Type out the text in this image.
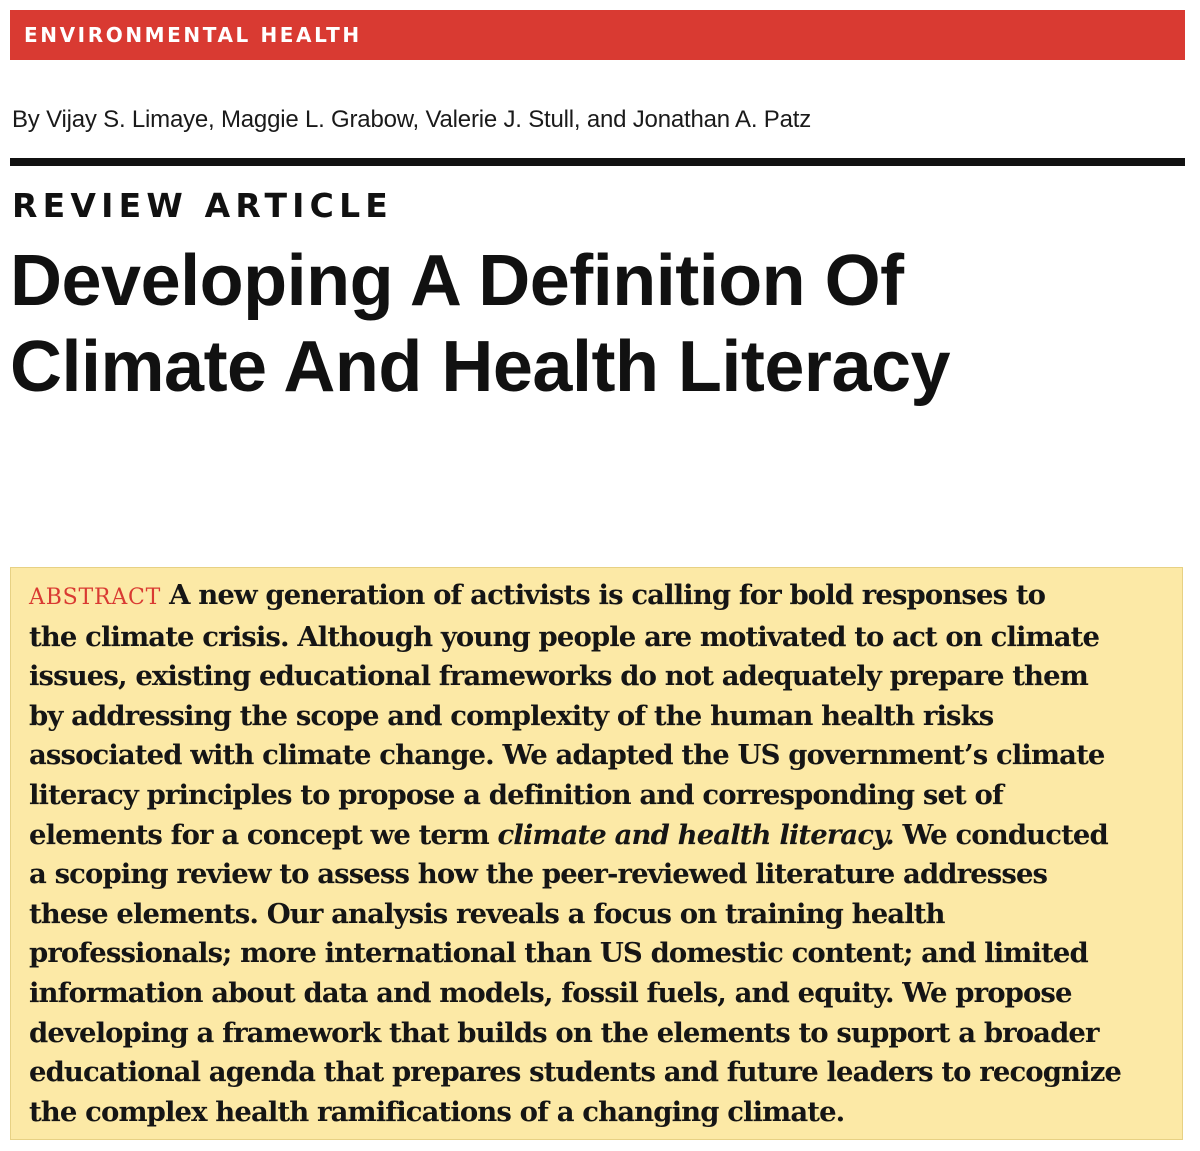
ENVIRONMENTAL HEALTH
By Vijay S. Limaye, Maggie L. Grabow, Valerie J. Stull, and Jonathan A. Patz
REVIEW ARTICLE
Developing A Definition Of
Climate And Health Literacy

ABSTRACT A new generation of activists is calling for bold responses to
the climate crisis. Although young people are motivated to act on climate
issues, existing educational frameworks do not adequately prepare them
by addressing the scope and complexity of the human health risks
associated with climate change. We adapted the US government’s climate
literacy principles to propose a definition and corresponding set of
elements for a concept we term climate and health literacy. We conducted
a scoping review to assess how the peer-reviewed literature addresses
these elements. Our analysis reveals a focus on training health
professionals; more international than US domestic content; and limited
information about data and models, fossil fuels, and equity. We propose
developing a framework that builds on the elements to support a broader
educational agenda that prepares students and future leaders to recognize
the complex health ramifications of a changing climate.
